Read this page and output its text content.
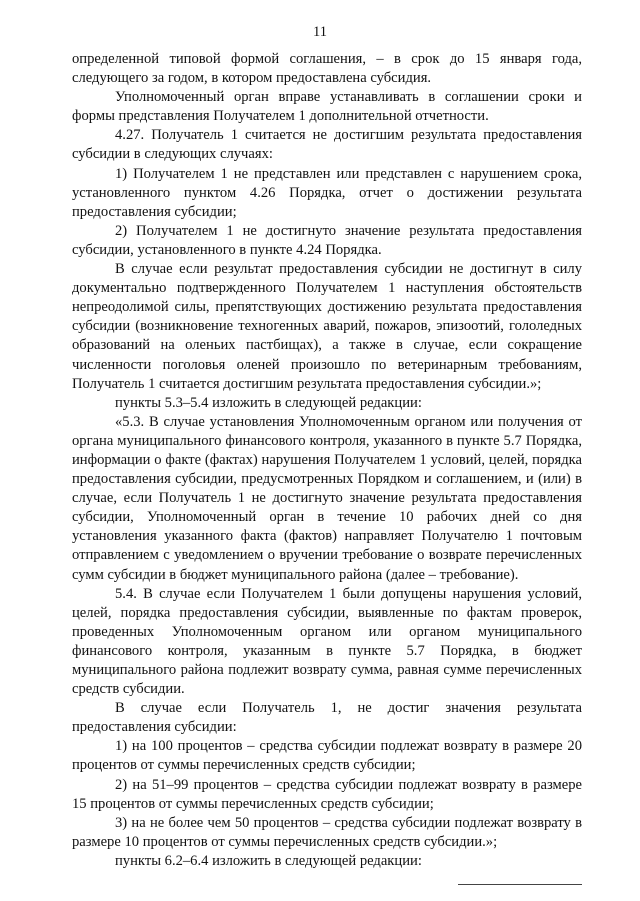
11

определенной типовой формой соглашения, – в срок до 15 января года, следующего за годом, в котором предоставлена субсидия.

Уполномоченный орган вправе устанавливать в соглашении сроки и формы представления Получателем 1 дополнительной отчетности.

4.27. Получатель 1 считается не достигшим результата предоставления субсидии в следующих случаях:

1) Получателем 1 не представлен или представлен с нарушением срока, установленного пунктом 4.26 Порядка, отчет о достижении результата предоставления субсидии;

2) Получателем 1 не достигнуто значение результата предоставления субсидии, установленного в пункте 4.24 Порядка.

В случае если результат предоставления субсидии не достигнут в силу документально подтвержденного Получателем 1 наступления обстоятельств непреодолимой силы, препятствующих достижению результата предоставления субсидии (возникновение техногенных аварий, пожаров, эпизоотий, гололедных образований на оленьих пастбищах), а также в случае, если сокращение численности поголовья оленей произошло по ветеринарным требованиям, Получатель 1 считается достигшим результата предоставления субсидии.»;

пункты 5.3–5.4 изложить в следующей редакции:

«5.3. В случае установления Уполномоченным органом или получения от органа муниципального финансового контроля, указанного в пункте 5.7 Порядка, информации о факте (фактах) нарушения Получателем 1 условий, целей, порядка предоставления субсидии, предусмотренных Порядком и соглашением, и (или) в случае, если Получатель 1 не достигнуто значение результата предоставления субсидии, Уполномоченный орган в течение 10 рабочих дней со дня установления указанного факта (фактов) направляет Получателю 1 почтовым отправлением с уведомлением о вручении требование о возврате перечисленных сумм субсидии в бюджет муниципального района (далее – требование).

5.4. В случае если Получателем 1 были допущены нарушения условий, целей, порядка предоставления субсидии, выявленные по фактам проверок, проведенных Уполномоченным органом или органом муниципального финансового контроля, указанным в пункте 5.7 Порядка, в бюджет муниципального района подлежит возврату сумма, равная сумме перечисленных средств субсидии.

В случае если Получатель 1, не достиг значения результата предоставления субсидии:

1) на 100 процентов – средства субсидии подлежат возврату в размере 20 процентов от суммы перечисленных средств субсидии;

2) на 51–99 процентов – средства субсидии подлежат возврату в размере 15 процентов от суммы перечисленных средств субсидии;

3) на не более чем 50 процентов – средства субсидии подлежат возврату в размере 10 процентов от суммы перечисленных средств субсидии.»;

пункты 6.2–6.4 изложить в следующей редакции:
